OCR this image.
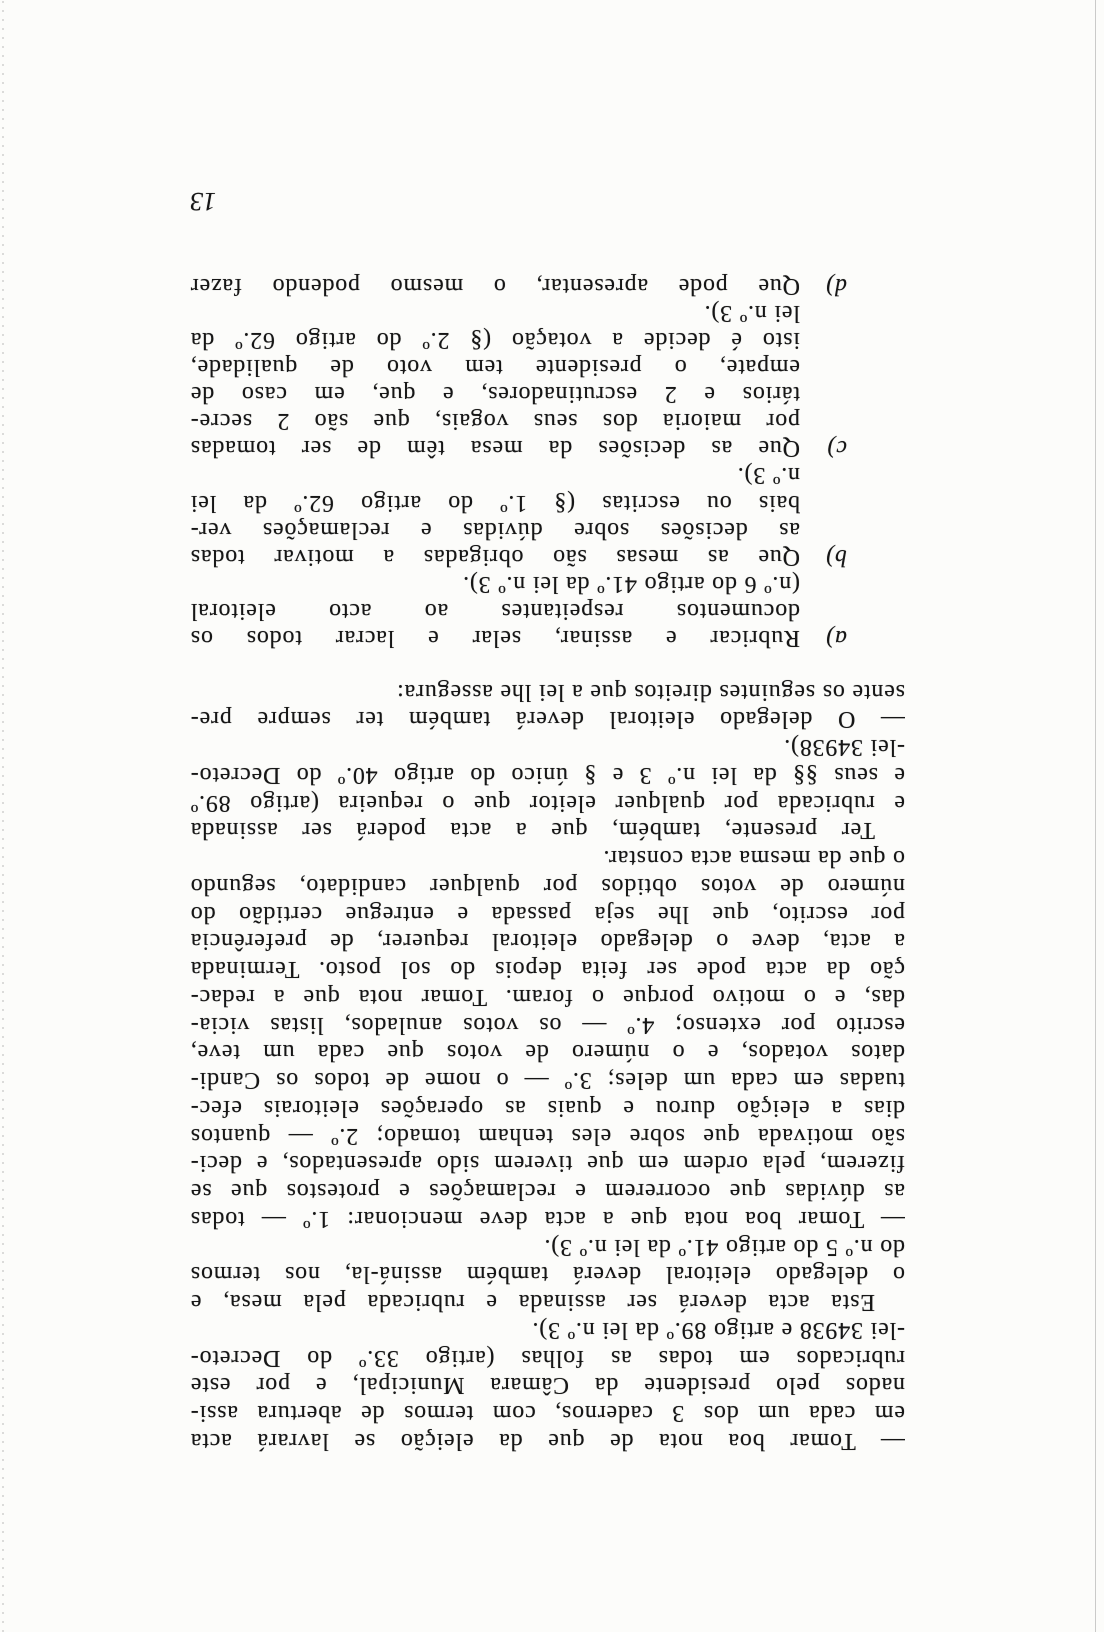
— Tomar boa nota de que da eleição se lavrará acta
em cada um dos 3 cadernos, com termos de abertura assi-
nados pelo presidente da Câmara Municipal, e por este
rubricados em todas as folhas (artigo 33.º do Decreto-
-lei 34938 e artigo 89.º da lei n.º 3).
Esta acta deverá ser assinada e rubricada pela mesa, e
o delegado eleitoral deverá também assiná-la, nos termos
do n.º 5 do artigo 41.º da lei n.º 3).
— Tomar boa nota que a acta deve mencionar: 1.º — todas
as dúvidas que ocorrerem e reclamações e protestos que se
fizerem, pela ordem em que tiverem sido apresentados, e deci-
são motivada que sobre eles tenham tomado; 2.º — quantos
dias a eleição durou e quais as operações eleitorais efec-
tuadas em cada um deles; 3.º — o nome de todos os Candi-
datos votados, e o número de votos que cada um teve,
escrito por extenso; 4.º — os votos anulados, listas vicia-
das, e o motivo porque o foram. Tomar nota que a redac-
ção da acta pode ser feita depois do sol posto. Terminada
a acta, deve o delegado eleitoral requerer, de preferência
por escrito, que lhe seja passada e entregue certidão do
número de votos obtidos por qualquer candidato, segundo
o que da mesma acta constar.
Ter presente, também, que a acta poderá ser assinada
e rubricada por qualquer eleitor que o requeira (artigo 89.º
e seus §§ da lei n.º 3 e § único do artigo 40.º do Decreto-
-lei 34938).
— O delegado eleitoral deverá também ter sempre pre-
sente os seguintes direitos que a lei lhe assegura:
a)
Rubricar e assinar, selar e lacrar todos os
documentos respeitantes ao acto eleitoral
(n.º 6 do artigo 41.º da lei n.º 3).
b)
Que as mesas são obrigadas a motivar todas
as decisões sobre dúvidas e reclamações ver-
bais ou escritas (§ 1.º do artigo 62.º da lei
n.º 3).
c)
Que as decisões da mesa têm de ser tomadas
por maioria dos seus vogais, que são 2 secre-
tários e 2 escrutinadores, e que, em caso de
empate, o presidente tem voto de qualidade,
isto é decide a votação (§ 2.º do artigo 62.º da
lei n.º 3).
d)
Que pode apresentar, o mesmo podendo fazer
13
